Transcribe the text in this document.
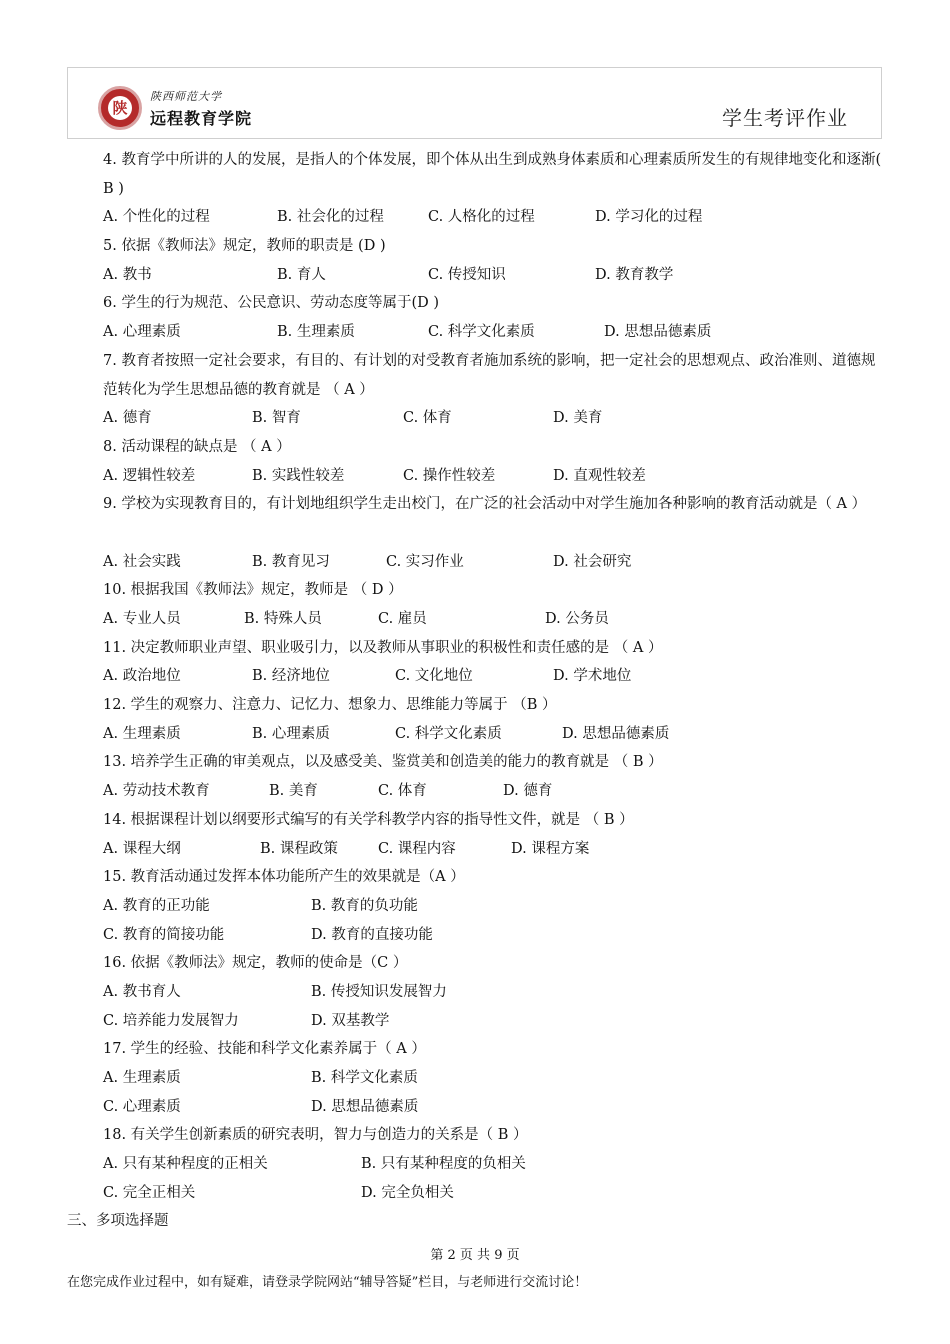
陕
陕西师范大学
远程教育学院	学生考评作业
4. 教育学中所讲的人的发展，是指人的个体发展，即个体从出生到成熟身体素质和心理素质所发生的有规律地变化和逐渐( B )
A. 个性化的过程	B. 社会化的过程	C. 人格化的过程	D. 学习化的过程
5. 依据《教师法》规定，教师的职责是 (D )
A. 教书	B. 育人	C. 传授知识	D. 教育教学
6. 学生的行为规范、公民意识、劳动态度等属于(D )
A. 心理素质	B. 生理素质	C. 科学文化素质	D. 思想品德素质
7. 教育者按照一定社会要求，有目的、有计划的对受教育者施加系统的影响，把一定社会的思想观点、政治准则、道德规范转化为学生思想品德的教育就是 （ A ）
A. 德育	B. 智育	C. 体育	D. 美育
8. 活动课程的缺点是 （ A ）
A. 逻辑性较差	B. 实践性较差	C. 操作性较差	D. 直观性较差
9. 学校为实现教育目的，有计划地组织学生走出校门，在广泛的社会活动中对学生施加各种影响的教育活动就是（ A ）
A. 社会实践	B. 教育见习	C. 实习作业	D. 社会研究
10. 根据我国《教师法》规定，教师是 （ D ）
A. 专业人员	B. 特殊人员	C. 雇员	D. 公务员
11. 决定教师职业声望、职业吸引力，以及教师从事职业的积极性和责任感的是 （ A ）
A. 政治地位	B. 经济地位	C. 文化地位	D. 学术地位
12. 学生的观察力、注意力、记忆力、想象力、思维能力等属于 （B ）
A. 生理素质	B. 心理素质	C. 科学文化素质	D. 思想品德素质
13. 培养学生正确的审美观点，以及感受美、鉴赏美和创造美的能力的教育就是 （ B ）
A. 劳动技术教育	B. 美育	C. 体育	D. 德育
14. 根据课程计划以纲要形式编写的有关学科教学内容的指导性文件，就是 （ B ）
A. 课程大纲	B. 课程政策	C. 课程内容	D. 课程方案
15. 教育活动通过发挥本体功能所产生的效果就是（A ）
A. 教育的正功能	B. 教育的负功能
C. 教育的简接功能	D. 教育的直接功能
16. 依据《教师法》规定，教师的使命是（C ）
A. 教书育人	B. 传授知识发展智力
C. 培养能力发展智力	D. 双基教学
17. 学生的经验、技能和科学文化素养属于（ A ）
A. 生理素质	B. 科学文化素质
C. 心理素质	D. 思想品德素质
18. 有关学生创新素质的研究表明，智力与创造力的关系是（ B ）
A. 只有某种程度的正相关	B. 只有某种程度的负相关
C. 完全正相关	D. 完全负相关
三、多项选择题
第 2 页 共 9 页
在您完成作业过程中，如有疑难，请登录学院网站“辅导答疑”栏目，与老师进行交流讨论！
